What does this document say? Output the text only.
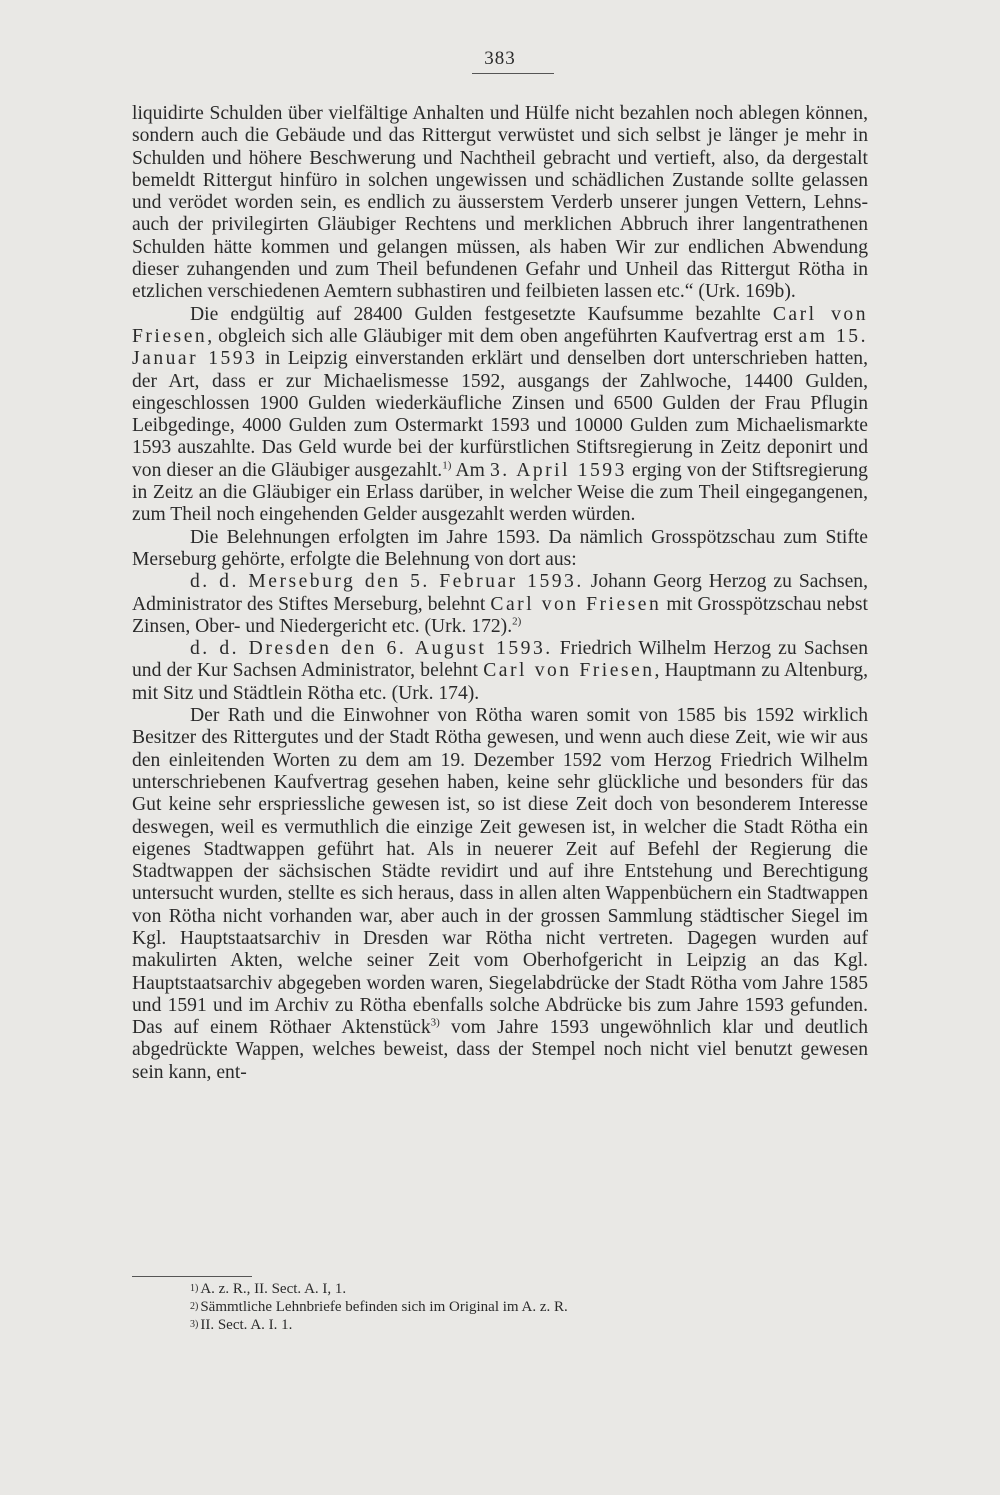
383

liquidirte Schulden über vielfältige Anhalten und Hülfe nicht bezahlen noch ablegen können, sondern auch die Gebäude und das Rittergut verwüstet und sich selbst je länger je mehr in Schulden und höhere Beschwerung und Nachtheil gebracht und vertieft, also, da dergestalt bemeldt Rittergut hinfüro in solchen ungewissen und schädlichen Zustande sollte gelassen und verödet worden sein, es endlich zu äusserstem Verderb unserer jungen Vettern, Lehns- auch der privilegirten Gläubiger Rechtens und merklichen Abbruch ihrer langentrathenen Schulden hätte kommen und gelangen müssen, als haben Wir zur endlichen Abwendung dieser zuhangenden und zum Theil befundenen Gefahr und Unheil das Rittergut Rötha in etzlichen verschiedenen Aemtern subhastiren und feilbieten lassen etc.“ (Urk. 169b).

Die endgültig auf 28400 Gulden festgesetzte Kaufsumme bezahlte Carl von Friesen, obgleich sich alle Gläubiger mit dem oben angeführten Kaufvertrag erst am 15. Januar 1593 in Leipzig einverstanden erklärt und denselben dort unterschrieben hatten, der Art, dass er zur Michaelismesse 1592, ausgangs der Zahlwoche, 14400 Gulden, eingeschlossen 1900 Gulden wiederkäufliche Zinsen und 6500 Gulden der Frau Pflugin Leibgedinge, 4000 Gulden zum Ostermarkt 1593 und 10000 Gulden zum Michaelismarkte 1593 auszahlte. Das Geld wurde bei der kurfürstlichen Stiftsregierung in Zeitz deponirt und von dieser an die Gläubiger ausgezahlt.$^{1)}$ Am 3. April 1593 erging von der Stiftsregierung in Zeitz an die Gläubiger ein Erlass darüber, in welcher Weise die zum Theil eingegangenen, zum Theil noch eingehenden Gelder ausgezahlt werden würden.

Die Belehnungen erfolgten im Jahre 1593. Da nämlich Grosspötzschau zum Stifte Merseburg gehörte, erfolgte die Belehnung von dort aus:

d. d. Merseburg den 5. Februar 1593. Johann Georg Herzog zu Sachsen, Administrator des Stiftes Merseburg, belehnt Carl von Friesen mit Grosspötzschau nebst Zinsen, Ober- und Niedergericht etc. (Urk. 172).$^{2)}$

d. d. Dresden den 6. August 1593. Friedrich Wilhelm Herzog zu Sachsen und der Kur Sachsen Administrator, belehnt Carl von Friesen, Hauptmann zu Altenburg, mit Sitz und Städtlein Rötha etc. (Urk. 174).

Der Rath und die Einwohner von Rötha waren somit von 1585 bis 1592 wirklich Besitzer des Rittergutes und der Stadt Rötha gewesen, und wenn auch diese Zeit, wie wir aus den einleitenden Worten zu dem am 19. Dezember 1592 vom Herzog Friedrich Wilhelm unterschriebenen Kaufvertrag gesehen haben, keine sehr glückliche und besonders für das Gut keine sehr erspriessliche gewesen ist, so ist diese Zeit doch von besonderem Interesse deswegen, weil es vermuthlich die einzige Zeit gewesen ist, in welcher die Stadt Rötha ein eigenes Stadtwappen geführt hat. Als in neuerer Zeit auf Befehl der Regierung die Stadtwappen der sächsischen Städte revidirt und auf ihre Entstehung und Berechtigung untersucht wurden, stellte es sich heraus, dass in allen alten Wappenbüchern ein Stadtwappen von Rötha nicht vorhanden war, aber auch in der grossen Sammlung städtischer Siegel im Kgl. Hauptstaatsarchiv in Dresden war Rötha nicht vertreten. Dagegen wurden auf makulirten Akten, welche seiner Zeit vom Oberhofgericht in Leipzig an das Kgl. Hauptstaatsarchiv abgegeben worden waren, Siegelabdrücke der Stadt Rötha vom Jahre 1585 und 1591 und im Archiv zu Rötha ebenfalls solche Abdrücke bis zum Jahre 1593 gefunden. Das auf einem Röthaer Aktenstück$^{3)}$ vom Jahre 1593 ungewöhnlich klar und deutlich abgedrückte Wappen, welches beweist, dass der Stempel noch nicht viel benutzt gewesen sein kann, ent-

$^{1)}$ A. z. R., II. Sect. A. I, 1.
$^{2)}$ Sämmtliche Lehnbriefe befinden sich im Original im A. z. R.
$^{3)}$ II. Sect. A. I. 1.
